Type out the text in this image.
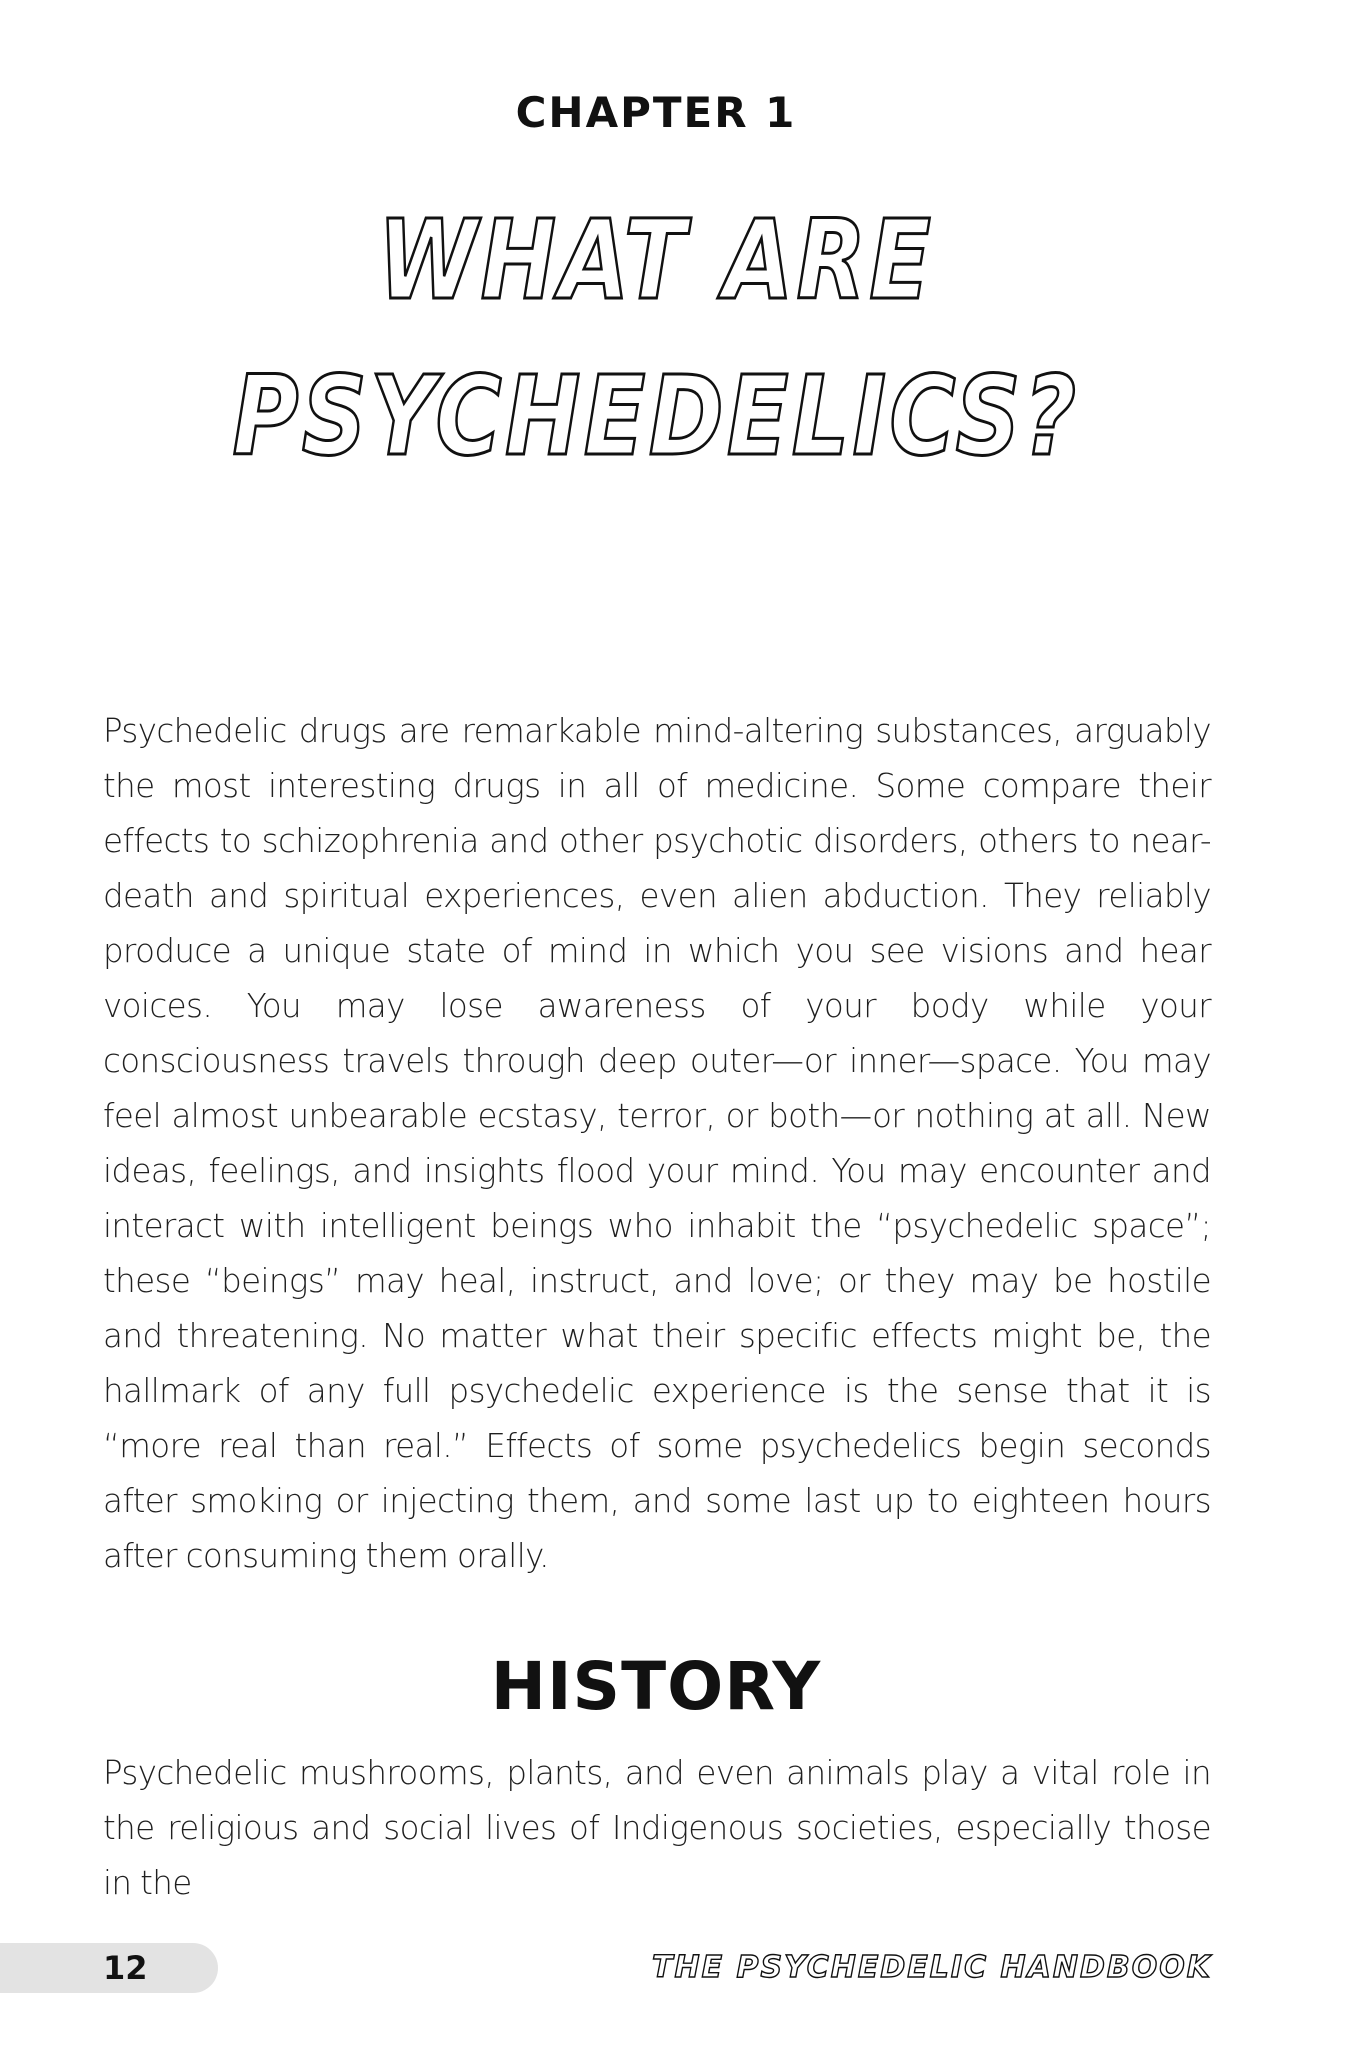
CHAPTER 1
WHAT ARE
PSYCHEDELICS?

Psychedelic drugs are remarkable mind-altering substances, arguably the most interesting drugs in all of medicine. Some compare their effects to schizophrenia and other psychotic disorders, others to near-death and spiritual experiences, even alien abduction. They reliably produce a unique state of mind in which you see visions and hear voices. You may lose awareness of your body while your consciousness travels through deep outer—or inner—space. You may feel almost unbearable ecstasy, terror, or both—or nothing at all. New ideas, feelings, and insights flood your mind. You may encounter and interact with intelligent beings who inhabit the “psychedelic space”; these “beings” may heal, instruct, and love; or they may be hostile and threatening. No matter what their specific effects might be, the hallmark of any full psychedelic experience is the sense that it is “more real than real.” Effects of some psychedelics begin seconds after smoking or injecting them, and some last up to eighteen hours after consuming them orally.

HISTORY

Psychedelic mushrooms, plants, and even animals play a vital role in the religious and social lives of Indigenous societies, especially those in the

12	THE PSYCHEDELIC HANDBOOK
